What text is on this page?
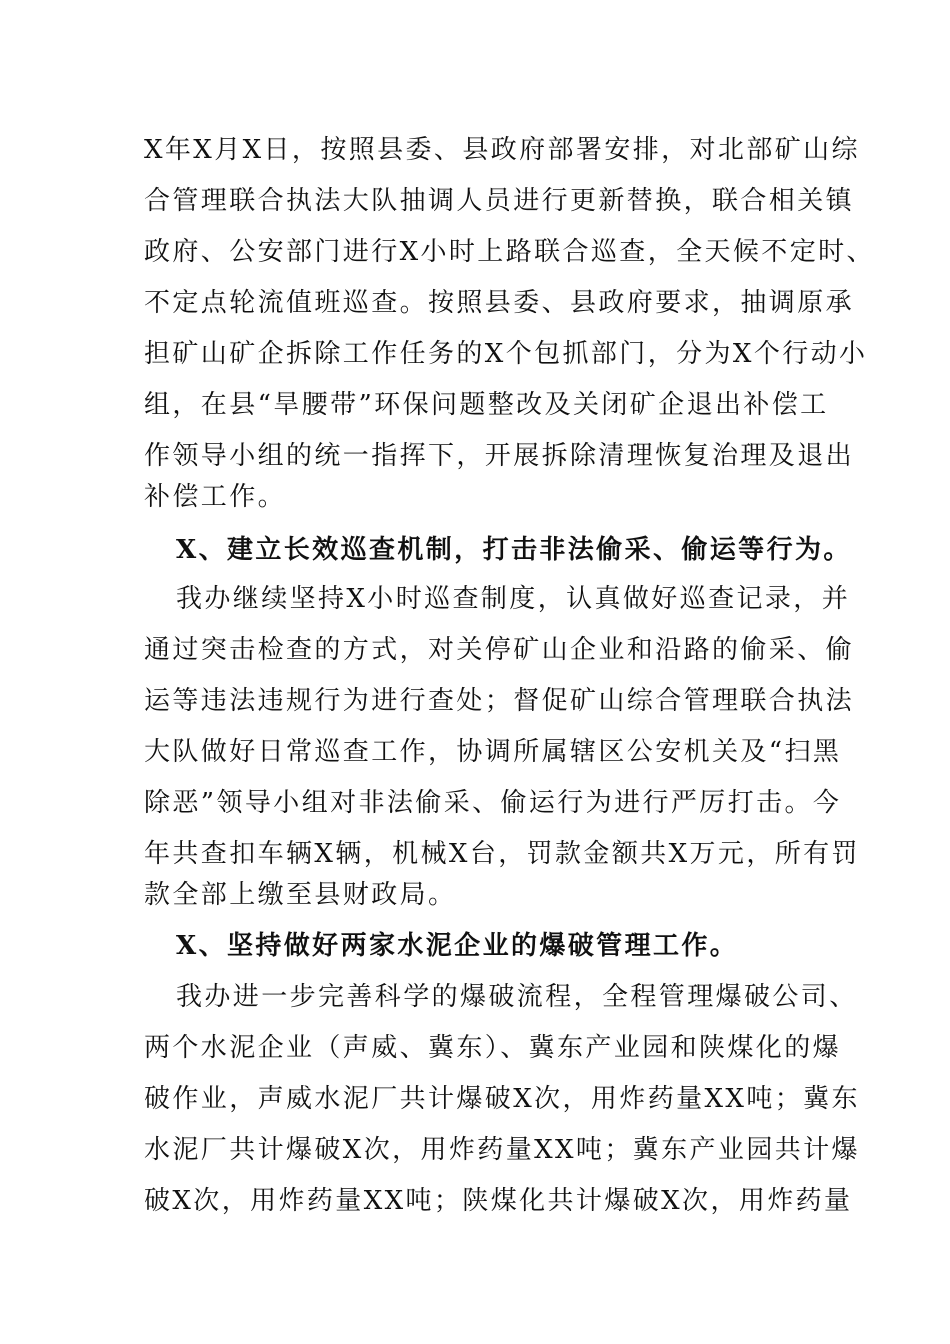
X年X月X日，按照县委、县政府部署安排，对北部矿山综
合管理联合执法大队抽调人员进行更新替换，联合相关镇
政府、公安部门进行X小时上路联合巡查，全天候不定时、
不定点轮流值班巡查。按照县委、县政府要求，抽调原承
担矿山矿企拆除工作任务的X个包抓部门，分为X个行动小
组，在县“旱腰带”环保问题整改及关闭矿企退出补偿工
作领导小组的统一指挥下，开展拆除清理恢复治理及退出
补偿工作。
X、建立长效巡查机制，打击非法偷采、偷运等行为。
我办继续坚持X小时巡查制度，认真做好巡查记录，并
通过突击检查的方式，对关停矿山企业和沿路的偷采、偷
运等违法违规行为进行查处；督促矿山综合管理联合执法
大队做好日常巡查工作，协调所属辖区公安机关及“扫黑
除恶”领导小组对非法偷采、偷运行为进行严厉打击。今
年共查扣车辆X辆，机械X台，罚款金额共X万元，所有罚
款全部上缴至县财政局。
X、坚持做好两家水泥企业的爆破管理工作。
我办进一步完善科学的爆破流程，全程管理爆破公司、
两个水泥企业（声威、冀东）、冀东产业园和陕煤化的爆
破作业，声威水泥厂共计爆破X次，用炸药量XX吨；冀东
水泥厂共计爆破X次，用炸药量XX吨；冀东产业园共计爆
破X次，用炸药量XX吨；陕煤化共计爆破X次，用炸药量
